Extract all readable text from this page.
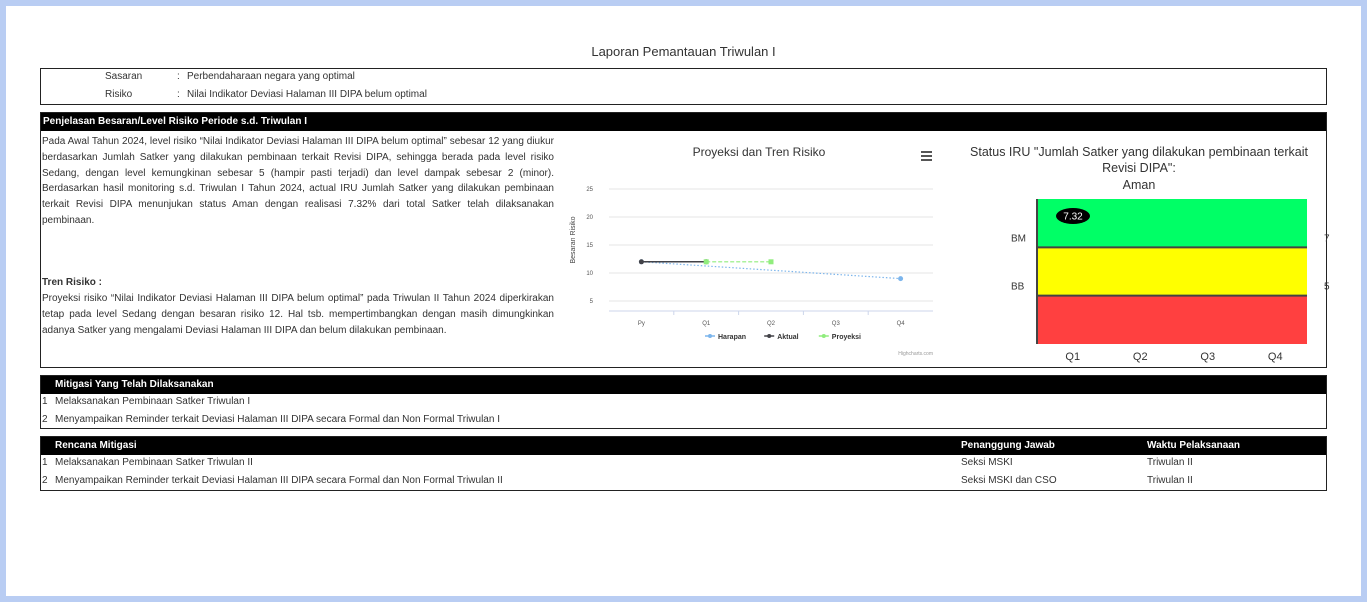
Laporan Pemantauan Triwulan I
Sasaran	: Perbendaharaan negara yang optimal
Risiko	: Nilai Indikator Deviasi Halaman III DIPA belum optimal
Penjelasan Besaran/Level Risiko Periode s.d. Triwulan I
Pada Awal Tahun 2024, level risiko “Nilai Indikator Deviasi Halaman III DIPA belum optimal” sebesar 12 yang diukur berdasarkan Jumlah Satker yang dilakukan pembinaan terkait Revisi DIPA, sehingga berada pada level risiko Sedang, dengan level kemungkinan sebesar 5 (hampir pasti terjadi) dan level dampak sebesar 2 (minor). Berdasarkan hasil monitoring s.d. Triwulan I Tahun 2024, actual IRU Jumlah Satker yang dilakukan pembinaan terkait Revisi DIPA menunjukan status Aman dengan realisasi 7.32% dari total Satker telah dilaksanakan pembinaan.
Tren Risiko :
Proyeksi risiko “Nilai Indikator Deviasi Halaman III DIPA belum optimal” pada Triwulan II Tahun 2024 diperkirakan tetap pada level Sedang dengan besaran risiko 12. Hal tsb. mempertimbangkan dengan masih dimungkinkan adanya Satker yang mengalami Deviasi Halaman III DIPA dan belum dilakukan pembinaan.
Proyeksi dan Tren Risiko
5
10
15
20
25
Py	Q1	Q2	Q3	Q4
Besaran Risiko
Harapan	Aktual	Proyeksi
Highcharts.com
Status IRU "Jumlah Satker yang dilakukan pembinaan terkait
Revisi DIPA":
Aman
BM
BB
7
5
Q1	Q2	Q3	Q4
7.32
Mitigasi Yang Telah Dilaksanakan
1 Melaksanakan Pembinaan Satker Triwulan I
2 Menyampaikan Reminder terkait Deviasi Halaman III DIPA secara Formal dan Non Formal Triwulan I
Rencana Mitigasi	Penanggung Jawab	Waktu Pelaksanaan
1 Melaksanakan Pembinaan Satker Triwulan II	Seksi MSKI	Triwulan II
2 Menyampaikan Reminder terkait Deviasi Halaman III DIPA secara Formal dan Non Formal Triwulan II	Seksi MSKI dan CSO	Triwulan II
